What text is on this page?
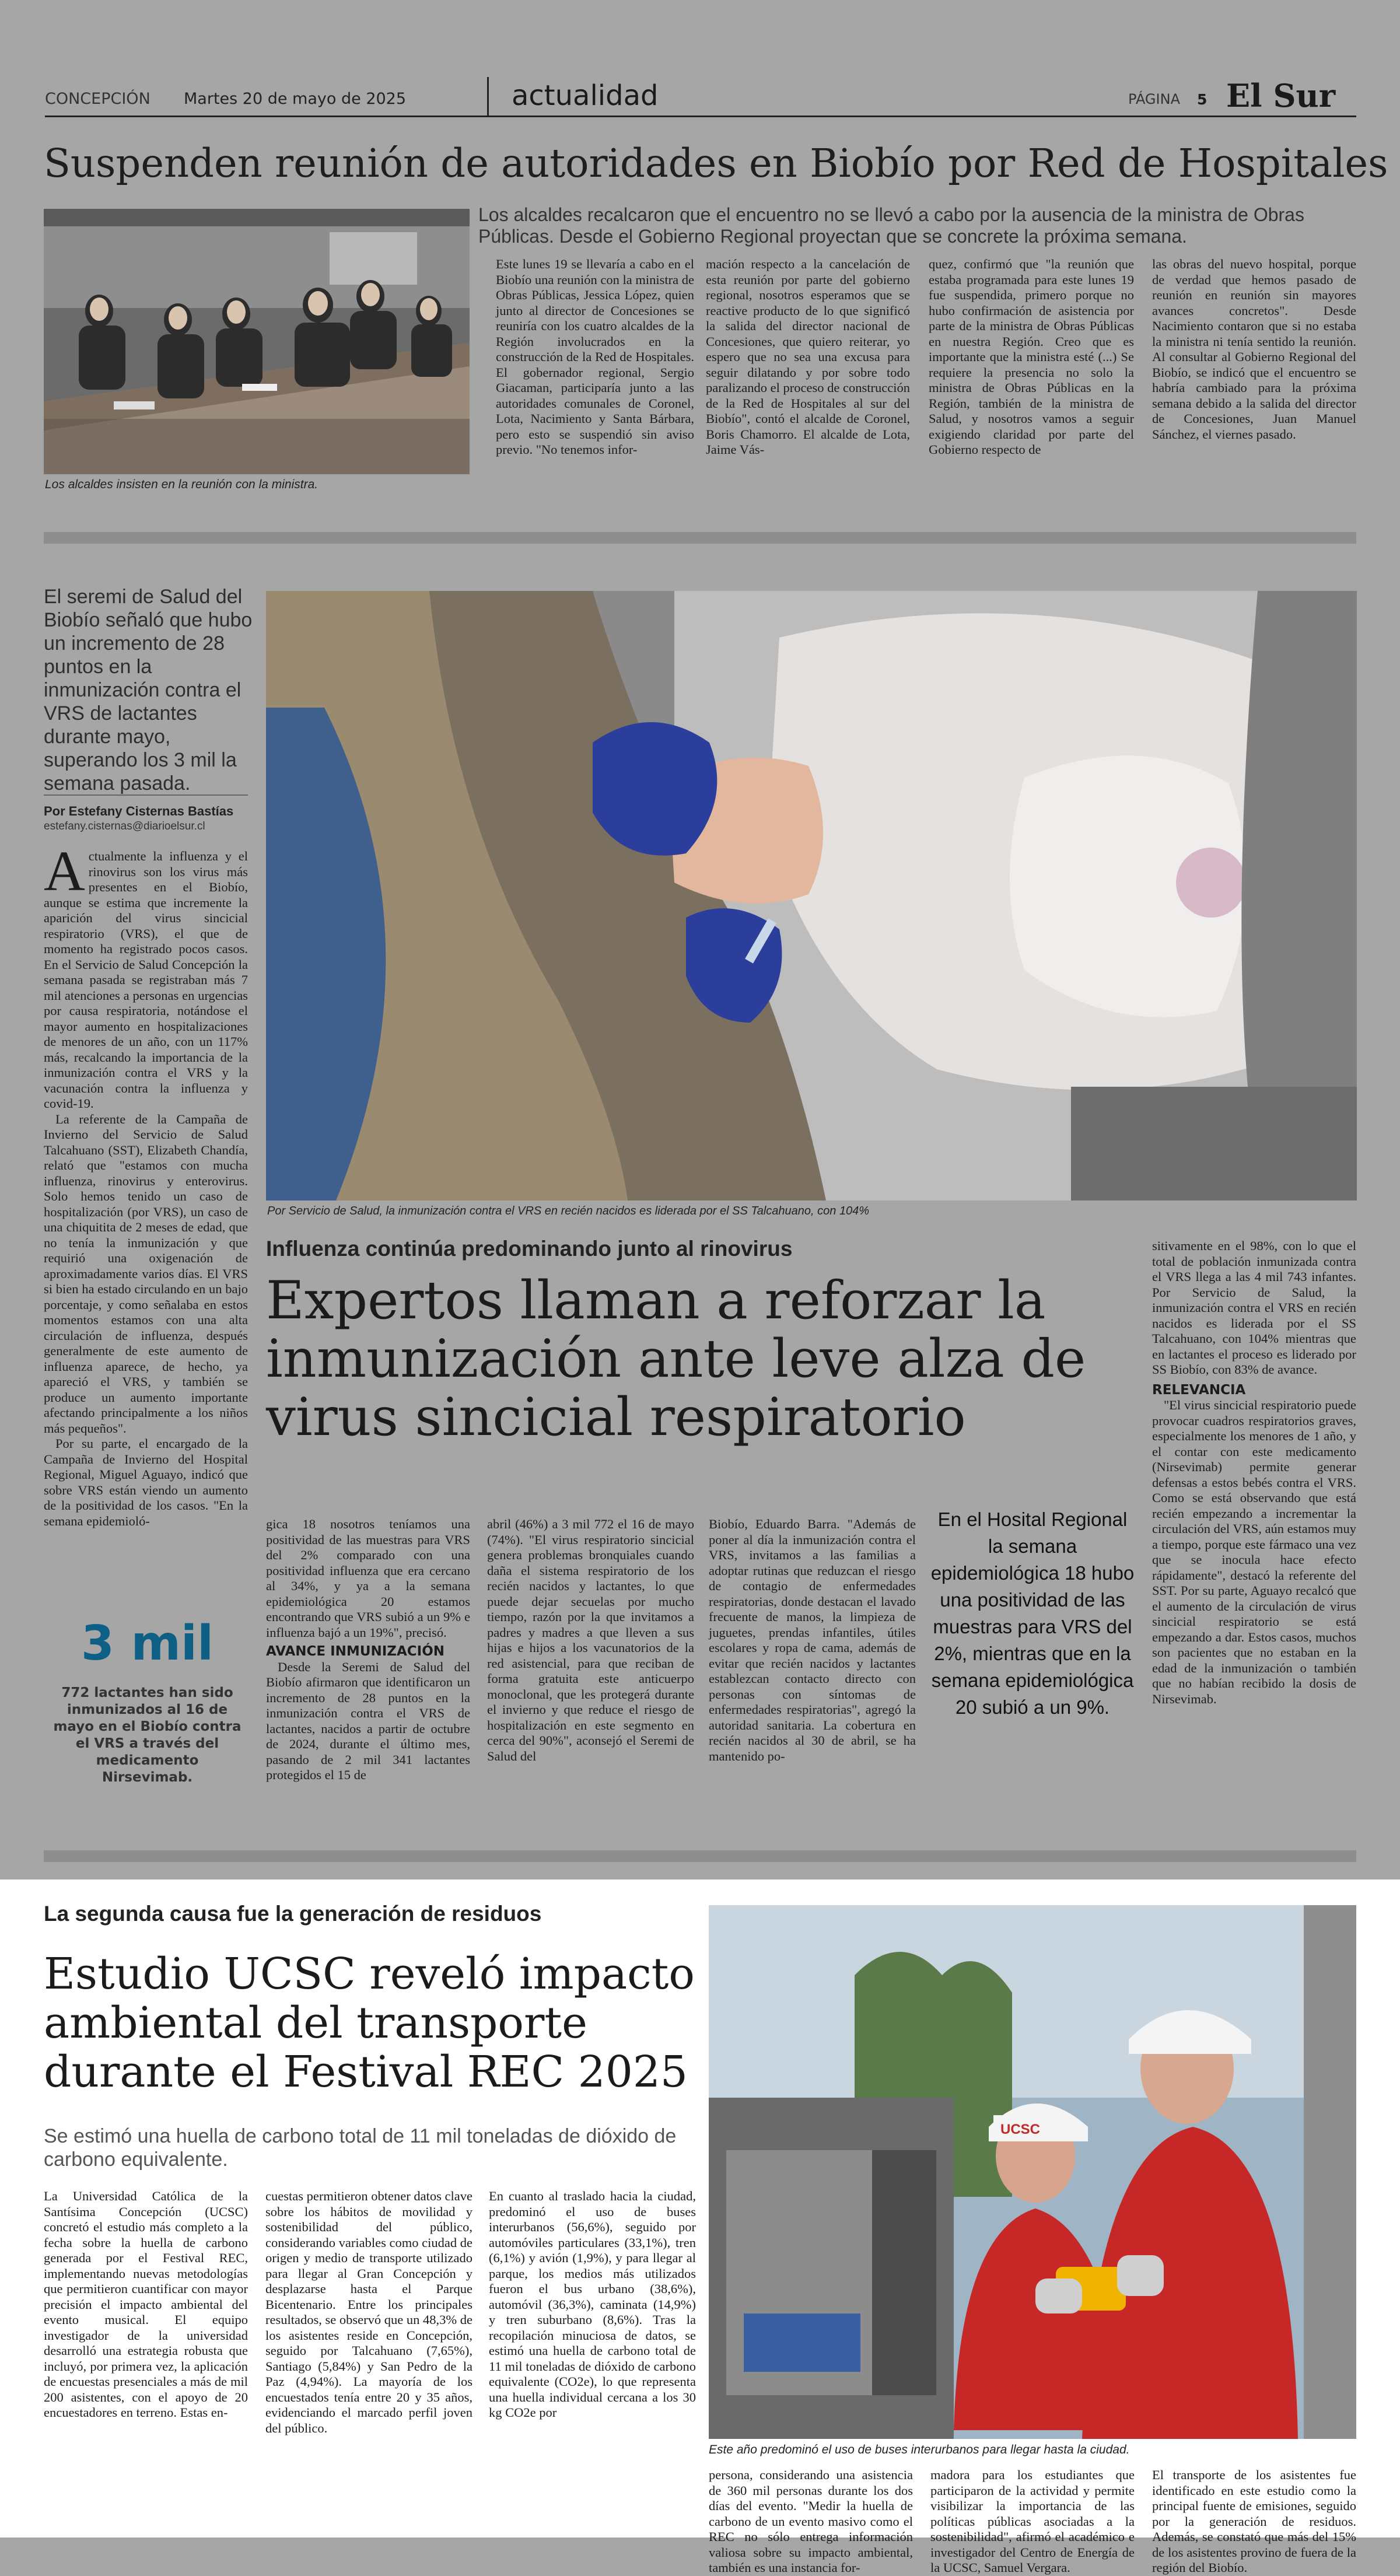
CONCEPCIÓN Martes 20 de mayo de 2025	actualidad	PÁGINA 5 El Sur
Suspenden reunión de autoridades en Biobío por Red de Hospitales
Los alcaldes insisten en la reunión con la ministra.
Los alcaldes recalcaron que el encuentro no se llevó a cabo por la ausencia de la ministra de Obras Públicas. Desde el Gobierno Regional proyectan que se concrete la próxima semana.
Este lunes 19 se llevaría a cabo en el Biobío una reunión con la ministra de Obras Públicas, Jessica López, quien junto al director de Concesiones se reuniría con los cuatro alcaldes de la Región involucrados en la construcción de la Red de Hospitales. El gobernador regional, Sergio Giacaman, participaría junto a las autoridades comunales de Coronel, Lota, Nacimiento y Santa Bárbara, pero esto se suspendió sin aviso previo. "No tenemos infor-
mación respecto a la cancelación de esta reunión por parte del gobierno regional, nosotros esperamos que se reactive producto de lo que significó la salida del director nacional de Concesiones, que quiero reiterar, yo espero que no sea una excusa para seguir dilatando y por sobre todo paralizando el proceso de construcción de la Red de Hospitales al sur del Biobío", contó el alcalde de Coronel, Boris Chamorro. El alcalde de Lota, Jaime Vás-
quez, confirmó que "la reunión que estaba programada para este lunes 19 fue suspendida, primero porque no hubo confirmación de asistencia por parte de la ministra de Obras Públicas en nuestra Región. Creo que es importante que la ministra esté (...) Se requiere la presencia no solo la ministra de Obras Públicas en la Región, también de la ministra de Salud, y nosotros vamos a seguir exigiendo claridad por parte del Gobierno respecto de
las obras del nuevo hospital, porque de verdad que hemos pasado de reunión en reunión sin mayores avances concretos". Desde Nacimiento contaron que si no estaba la ministra ni tenía sentido la reunión. Al consultar al Gobierno Regional del Biobío, se indicó que el encuentro se habría cambiado para la próxima semana debido a la salida del director de Concesiones, Juan Manuel Sánchez, el viernes pasado.
El seremi de Salud del Biobío señaló que hubo un incremento de 28 puntos en la inmunización contra el VRS de lactantes durante mayo, superando los 3 mil la semana pasada.
Por Estefany Cisternas Bastías
estefany.cisternas@diarioelsur.cl
A ctualmente la influenza y el rinovirus son los virus más presentes en el Biobío, aunque se estima que incremente la aparición del virus sincicial respiratorio (VRS), el que de momento ha registrado pocos casos. En el Servicio de Salud Concepción la semana pasada se registraban más 7 mil atenciones a personas en urgencias por causa respiratoria, notándose el mayor aumento en hospitalizaciones de menores de un año, con un 117% más, recalcando la importancia de la inmunización contra el VRS y la vacunación contra la influenza y covid-19.

La referente de la Campaña de Invierno del Servicio de Salud Talcahuano (SST), Elizabeth Chandía, relató que "estamos con mucha influenza, rinovirus y enterovirus. Solo hemos tenido un caso de hospitalización (por VRS), un caso de una chiquitita de 2 meses de edad, que no tenía la inmunización y que requirió una oxigenación de aproximadamente varios días. El VRS si bien ha estado circulando en un bajo porcentaje, y como señalaba en estos momentos estamos con una alta circulación de influenza, después generalmente de este aumento de influenza aparece, de hecho, ya apareció el VRS, y también se produce un aumento importante afectando principalmente a los niños más pequeños".

Por su parte, el encargado de la Campaña de Invierno del Hospital Regional, Miguel Aguayo, indicó que sobre VRS están viendo un aumento de la positividad de los casos. "En la semana epidemioló-

3 mil
772 lactantes han sido inmunizados al 16 de mayo en el Biobío contra el VRS a través del medicamento Nirsevimab.
Por Servicio de Salud, la inmunización contra el VRS en recién nacidos es liderada por el SS Talcahuano, con 104%
Influenza continúa predominando junto al rinovirus
Expertos llaman a reforzar la inmunización ante leve alza de virus sincicial respiratorio
gica 18 nosotros teníamos una positividad de las muestras para VRS del 2% comparado con una positividad influenza que era cercano al 34%, y ya a la semana epidemiológica 20 estamos encontrando que VRS subió a un 9% e influenza bajó a un 19%", precisó.
AVANCE INMUNIZACIÓN

Desde la Seremi de Salud del Biobío afirmaron que identificaron un incremento de 28 puntos en la inmunización contra el VRS de lactantes, nacidos a partir de octubre de 2024, durante el último mes, pasando de 2 mil 341 lactantes protegidos el 15 de

abril (46%) a 3 mil 772 el 16 de mayo (74%). "El virus respiratorio sincicial genera problemas bronquiales cuando daña el sistema respiratorio de los recién nacidos y lactantes, lo que puede dejar secuelas por mucho tiempo, razón por la que invitamos a padres y madres a que lleven a sus hijas e hijos a los vacunatorios de la red asistencial, para que reciban de forma gratuita este anticuerpo monoclonal, que les protegerá durante el invierno y que reduce el riesgo de hospitalización en este segmento en cerca del 90%", aconsejó el Seremi de Salud del
Biobío, Eduardo Barra. "Además de poner al día la inmunización contra el VRS, invitamos a las familias a adoptar rutinas que reduzcan el riesgo de contagio de enfermedades respiratorias, donde destacan el lavado frecuente de manos, la limpieza de juguetes, prendas infantiles, útiles escolares y ropa de cama, además de evitar que recién nacidos y lactantes establezcan contacto directo con personas con síntomas de enfermedades respiratorias", agregó la autoridad sanitaria. La cobertura en recién nacidos al 30 de abril, se ha mantenido po-
En el Hosital Regional la semana epidemiológica 18 hubo una positividad de las muestras para VRS del 2%, mientras que en la semana epidemiológica 20 subió a un 9%.
sitivamente en el 98%, con lo que el total de población inmunizada contra el VRS llega a las 4 mil 743 infantes. Por Servicio de Salud, la inmunización contra el VRS en recién nacidos es liderada por el SS Talcahuano, con 104% mientras que en lactantes el proceso es liderado por SS Biobío, con 83% de avance.
RELEVANCIA

"El virus sincicial respiratorio puede provocar cuadros respiratorios graves, especialmente los menores de 1 año, y el contar con este medicamento (Nirsevimab) permite generar defensas a estos bebés contra el VRS. Como se está observando que está recién empezando a incrementar la circulación del VRS, aún estamos muy a tiempo, porque este fármaco una vez que se inocula hace efecto rápidamente", destacó la referente del SST. Por su parte, Aguayo recalcó que el aumento de la circulación de virus sincicial respiratorio se está empezando a dar. Estos casos, muchos son pacientes que no estaban en la edad de la inmunización o también que no habían recibido la dosis de Nirsevimab.

La segunda causa fue la generación de residuos
Estudio UCSC reveló impacto ambiental del transporte durante el Festival REC 2025
Se estimó una huella de carbono total de 11 mil toneladas de dióxido de carbono equivalente.
UCSC
Este año predominó el uso de buses interurbanos para llegar hasta la ciudad.
La Universidad Católica de la Santísima Concepción (UCSC) concretó el estudio más completo a la fecha sobre la huella de carbono generada por el Festival REC, implementando nuevas metodologías que permitieron cuantificar con mayor precisión el impacto ambiental del evento musical. El equipo investigador de la universidad desarrolló una estrategia robusta que incluyó, por primera vez, la aplicación de encuestas presenciales a más de mil 200 asistentes, con el apoyo de 20 encuestadores en terreno. Estas en-
cuestas permitieron obtener datos clave sobre los hábitos de movilidad y sostenibilidad del público, considerando variables como ciudad de origen y medio de transporte utilizado para llegar al Gran Concepción y desplazarse hasta el Parque Bicentenario. Entre los principales resultados, se observó que un 48,3% de los asistentes reside en Concepción, seguido por Talcahuano (7,65%), Santiago (5,84%) y San Pedro de la Paz (4,94%). La mayoría de los encuestados tenía entre 20 y 35 años, evidenciando el marcado perfil joven del público.
En cuanto al traslado hacia la ciudad, predominó el uso de buses interurbanos (56,6%), seguido por automóviles particulares (33,1%), tren (6,1%) y avión (1,9%), y para llegar al parque, los medios más utilizados fueron el bus urbano (38,6%), automóvil (36,3%), caminata (14,9%) y tren suburbano (8,6%). Tras la recopilación minuciosa de datos, se estimó una huella de carbono total de 11 mil toneladas de dióxido de carbono equivalente (CO2e), lo que representa una huella individual cercana a los 30 kg CO2e por
persona, considerando una asistencia de 360 mil personas durante los dos días del evento. "Medir la huella de carbono de un evento masivo como el REC no sólo entrega información valiosa sobre su impacto ambiental, también es una instancia for-
madora para los estudiantes que participaron de la actividad y permite visibilizar la importancia de las políticas públicas asociadas a la sostenibilidad", afirmó el académico e investigador del Centro de Energía de la UCSC, Samuel Vergara.
El transporte de los asistentes fue identificado en este estudio como la principal fuente de emisiones, seguido por la generación de residuos. Además, se constató que más del 15% de los asistentes provino de fuera de la región del Biobío.
